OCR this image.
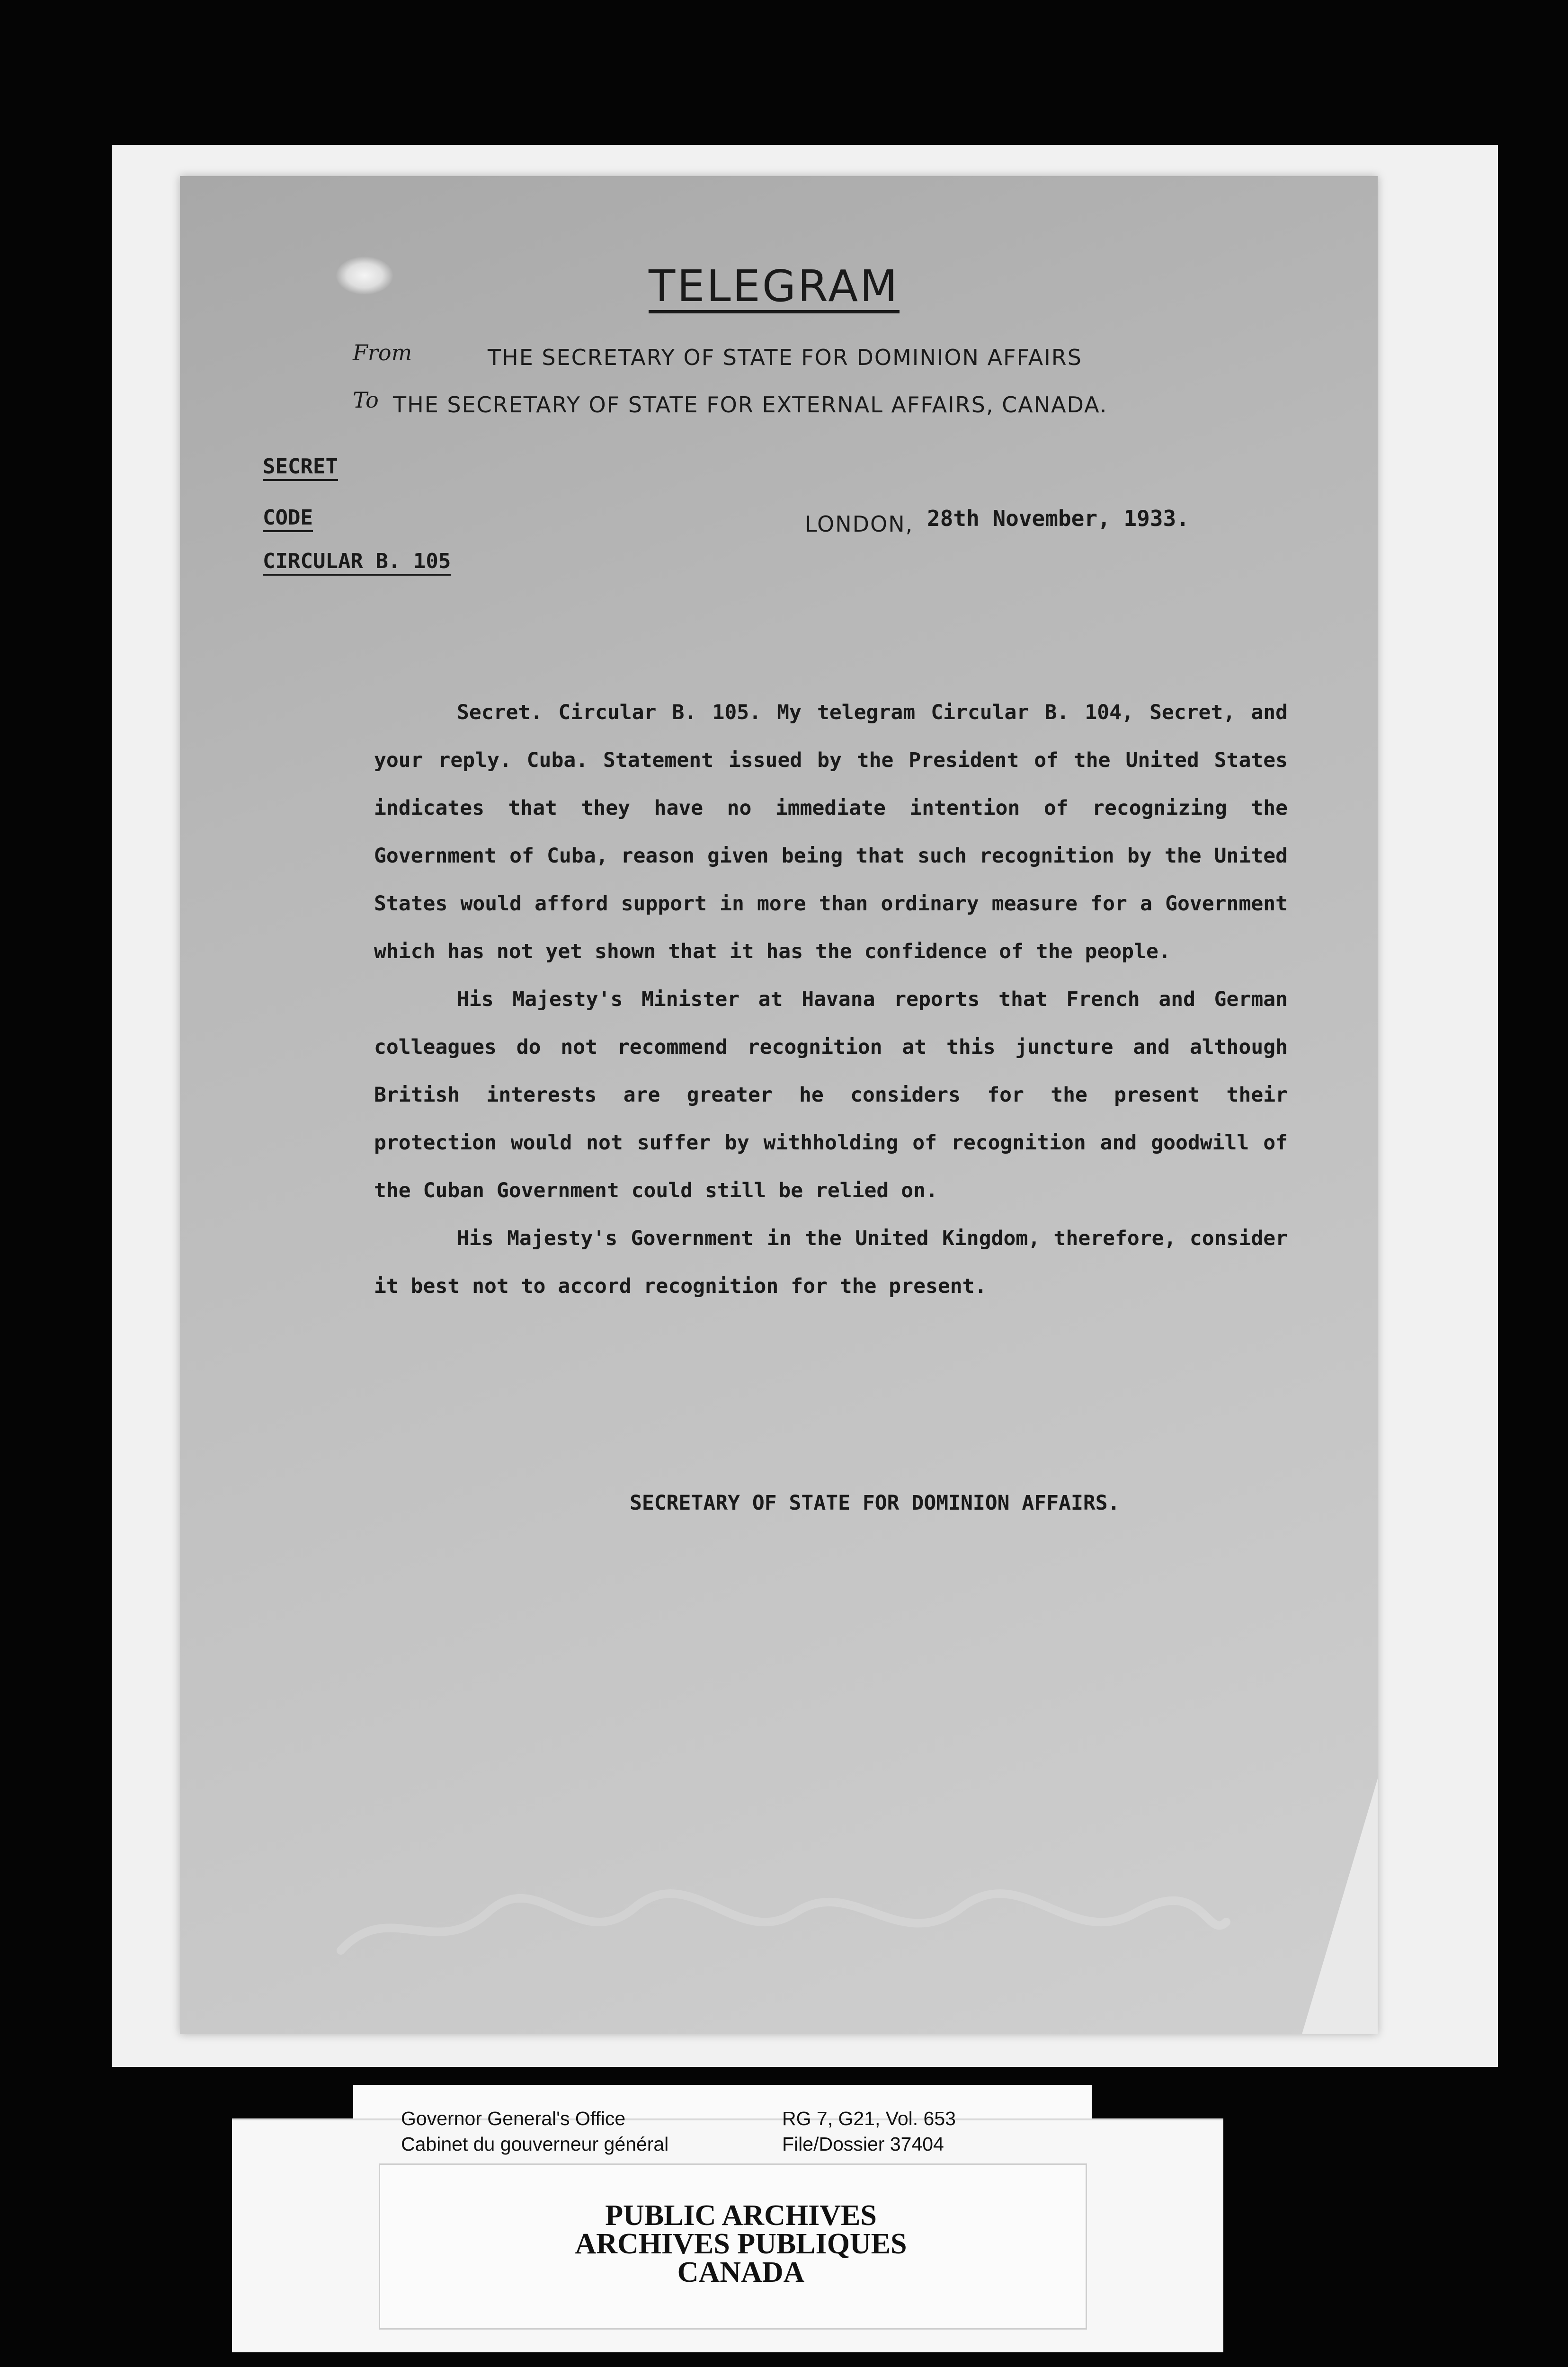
TELEGRAM
From	THE SECRETARY OF STATE FOR DOMINION AFFAIRS
To THE SECRETARY OF STATE FOR EXTERNAL AFFAIRS, CANADA.
SECRET
CODE
CIRCULAR B. 105
LONDON, 28th November, 1933.

Secret. Circular B. 105. My telegram Circular B. 104, Secret, and your reply. Cuba. Statement issued by the President of the United States indicates that they have no immediate intention of recognizing the Government of Cuba, reason given being that such recognition by the United States would afford support in more than ordinary measure for a Government which has not yet shown that it has the confidence of the people.

His Majesty's Minister at Havana reports that French and German colleagues do not recommend recognition at this juncture and although British interests are greater he considers for the present their protection would not suffer by withholding of recognition and goodwill of the Cuban Government could still be relied on.

His Majesty's Government in the United Kingdom, therefore, consider it best not to accord recognition for the present.

SECRETARY OF STATE FOR DOMINION AFFAIRS.
Governor General's Office
Cabinet du gouverneur général
RG 7, G21, Vol. 653
File/Dossier 37404
PUBLIC ARCHIVES
ARCHIVES PUBLIQUES
CANADA
